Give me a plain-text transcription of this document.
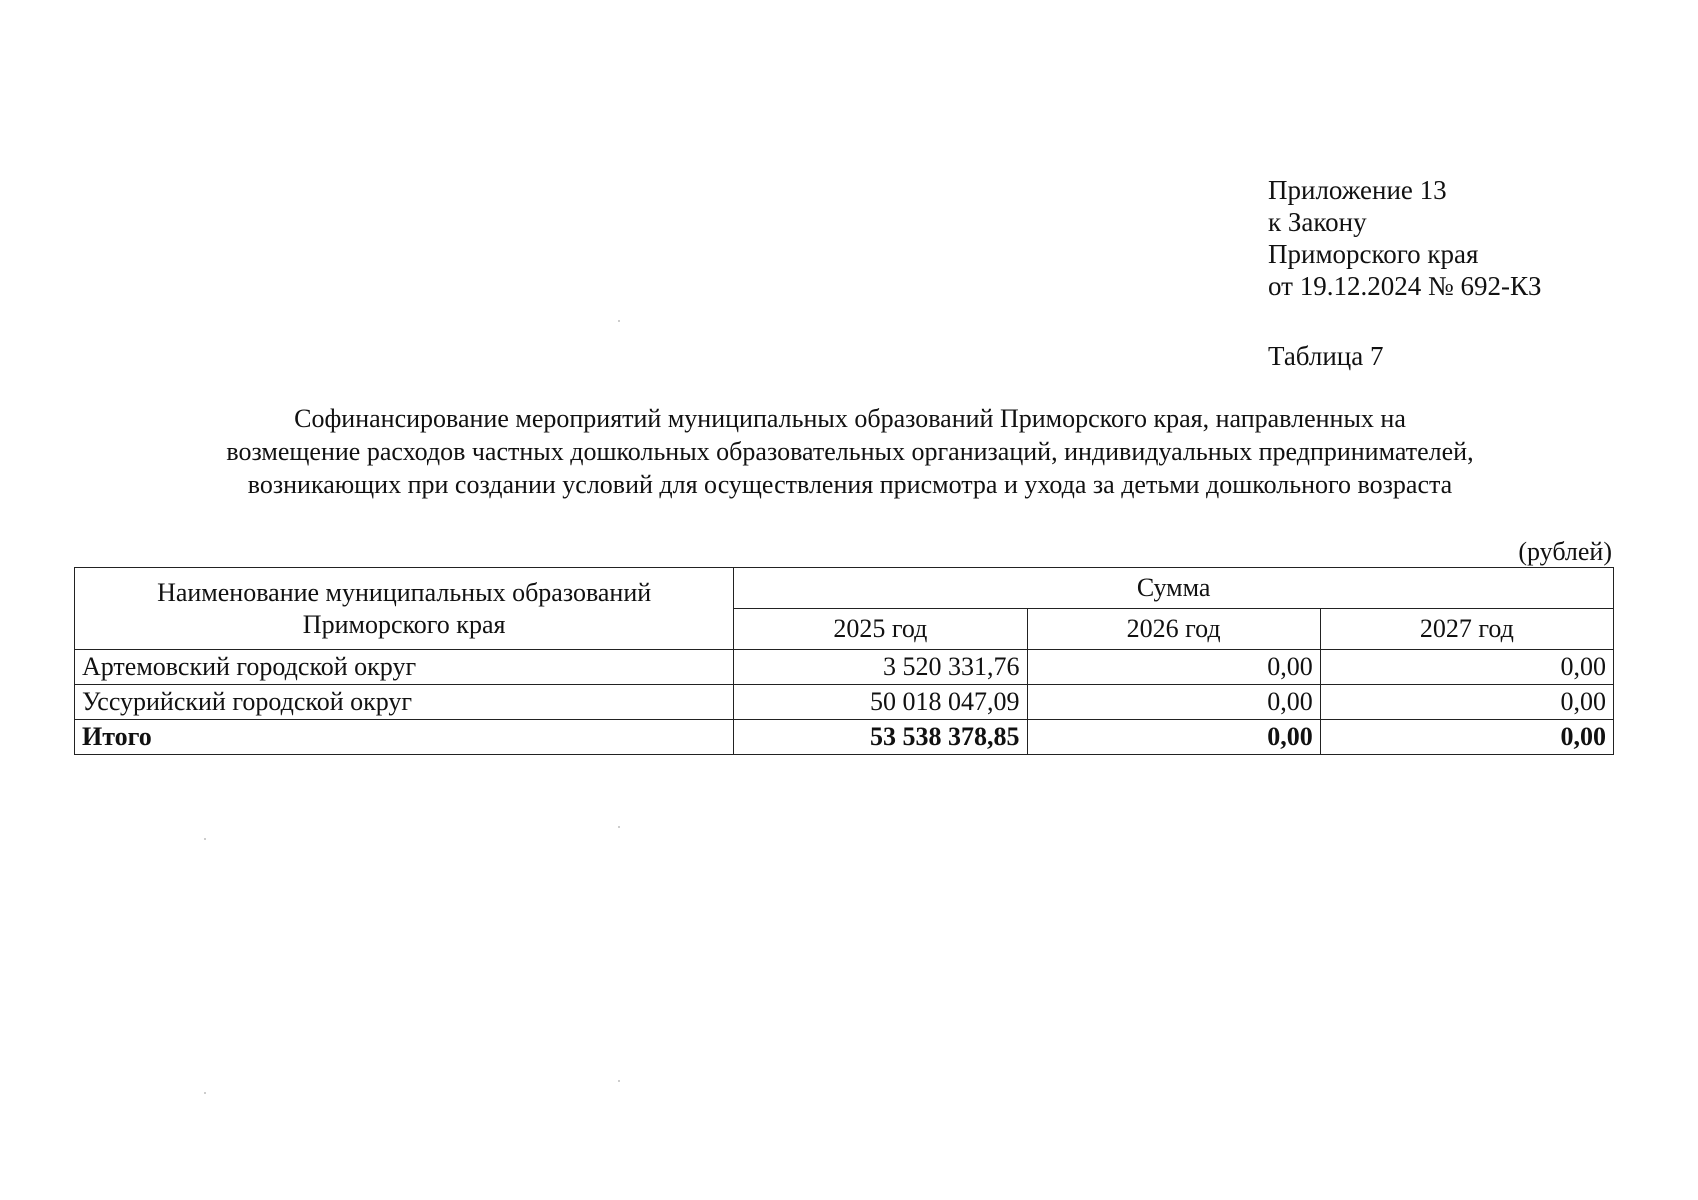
Приложение 13
к Закону
Приморского края
от 19.12.2024 № 692-КЗ
Таблица 7
Софинансирование мероприятий муниципальных образований Приморского края, направленных на
возмещение расходов частных дошкольных образовательных организаций, индивидуальных предпринимателей,
возникающих при создании условий для осуществления присмотра и ухода за детьми дошкольного возраста
(рублей)
Наименование муниципальных образований
Приморского края	Сумма		
	2025 год	2026 год	2027 год
Артемовский городской округ	3 520 331,76	0,00	0,00
Уссурийский городской округ	50 018 047,09	0,00	0,00
Итого	53 538 378,85	0,00	0,00
